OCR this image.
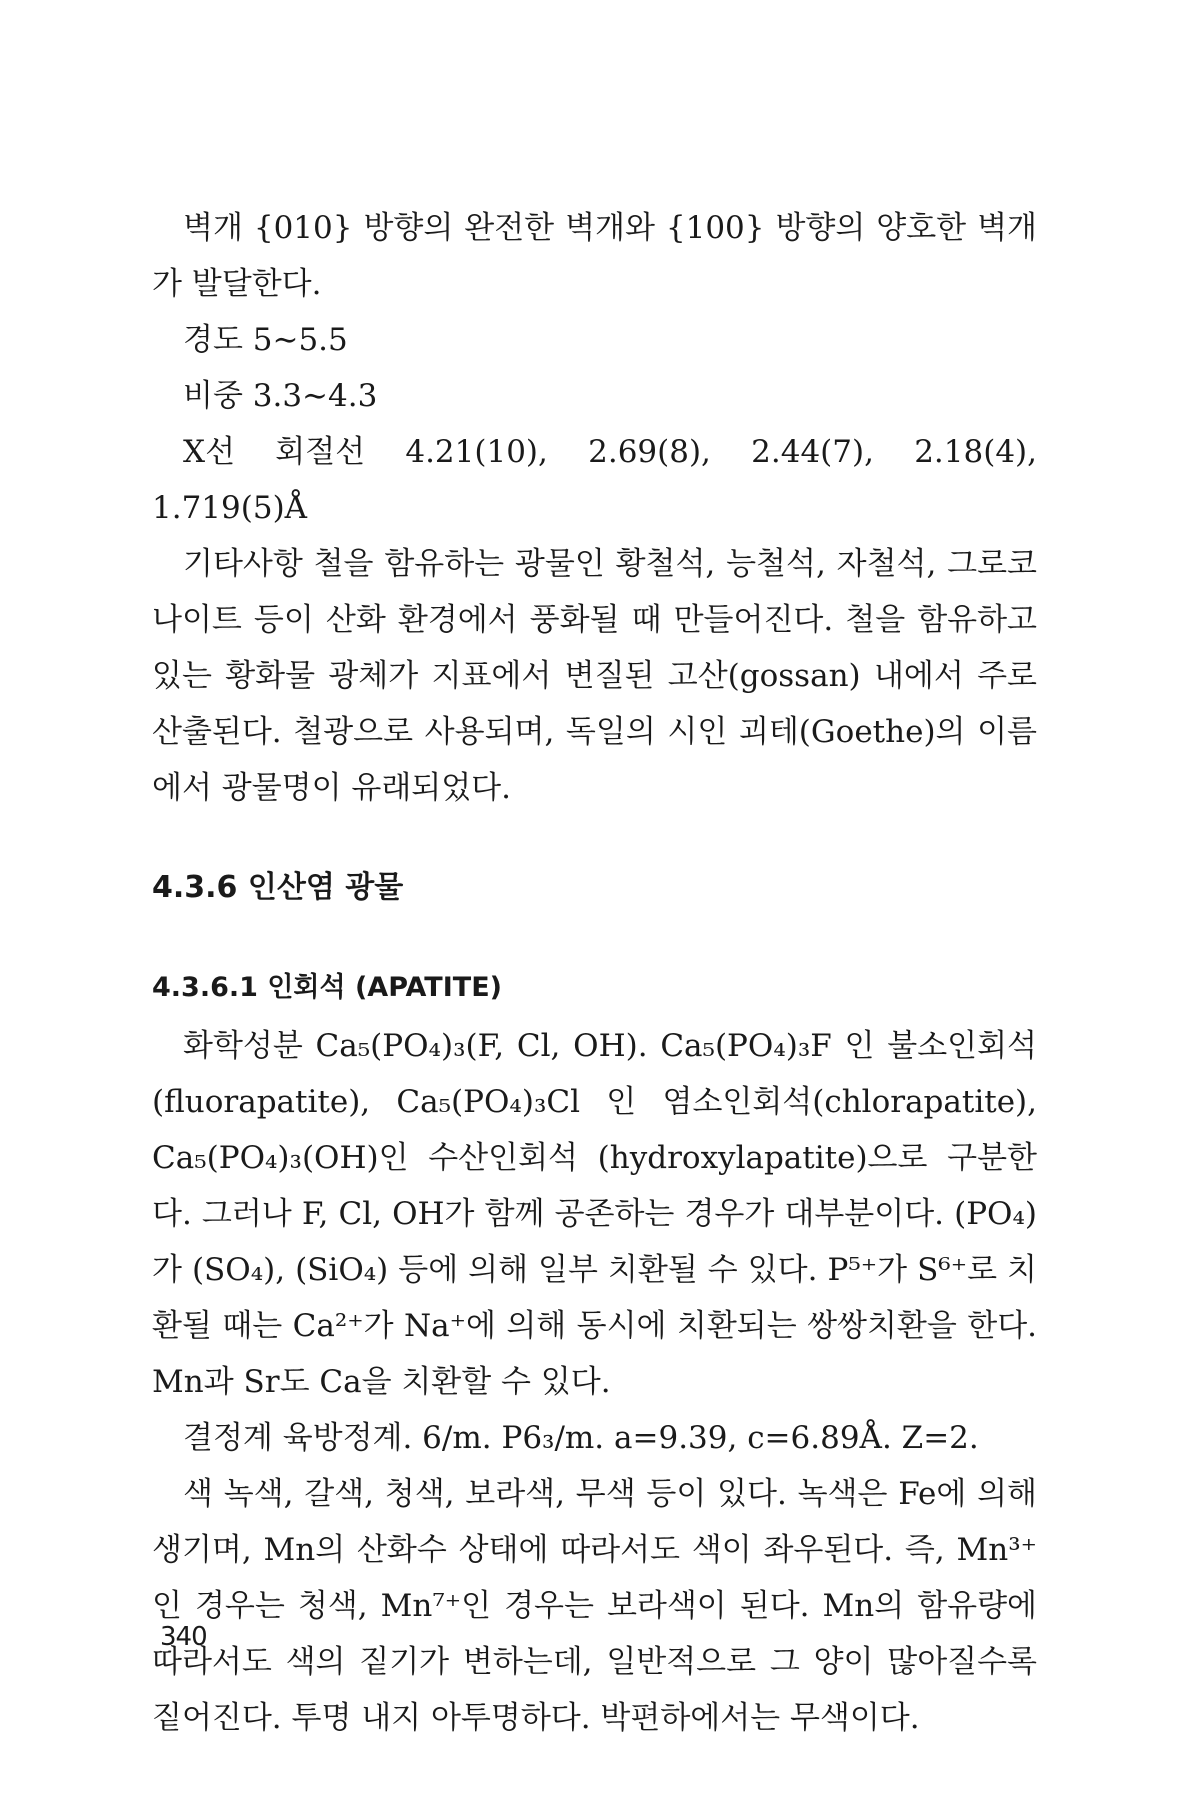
벽개 {010} 방향의 완전한 벽개와 {100} 방향의 양호한 벽개가 발달한다.

경도 5∼5.5

비중 3.3∼4.3

X선 회절선 4.21(10), 2.69(8), 2.44(7), 2.18(4), 1.719(5)Å

기타사항 철을 함유하는 광물인 황철석, 능철석, 자철석, 그로코나이트 등이 산화 환경에서 풍화될 때 만들어진다. 철을 함유하고 있는 황화물 광체가 지표에서 변질된 고산(gossan) 내에서 주로 산출된다. 철광으로 사용되며, 독일의 시인 괴테(Goethe)의 이름에서 광물명이 유래되었다.

4.3.6 인산염 광물
4.3.6.1 인회석 (APATITE)

화학성분 Ca₅(PO₄)₃(F, Cl, OH). Ca₅(PO₄)₃F 인 불소인회석 (fluorapatite), Ca₅(PO₄)₃Cl 인 염소인회석(chlorapatite), Ca₅(PO₄)₃(OH)인 수산인회석 (hydroxylapatite)으로 구분한다. 그러나 F, Cl, OH가 함께 공존하는 경우가 대부분이다. (PO₄)가 (SO₄), (SiO₄) 등에 의해 일부 치환될 수 있다. P⁵⁺가 S⁶⁺로 치환될 때는 Ca²⁺가 Na⁺에 의해 동시에 치환되는 쌍쌍치환을 한다. Mn과 Sr도 Ca을 치환할 수 있다.

결정계 육방정계. 6/m. P6₃/m. a=9.39, c=6.89Å. Z=2.

색 녹색, 갈색, 청색, 보라색, 무색 등이 있다. 녹색은 Fe에 의해 생기며, Mn의 산화수 상태에 따라서도 색이 좌우된다. 즉, Mn³⁺인 경우는 청색, Mn⁷⁺인 경우는 보라색이 된다. Mn의 함유량에 따라서도 색의 짙기가 변하는데, 일반적으로 그 양이 많아질수록 짙어진다. 투명 내지 아투명하다. 박편하에서는 무색이다.

340
